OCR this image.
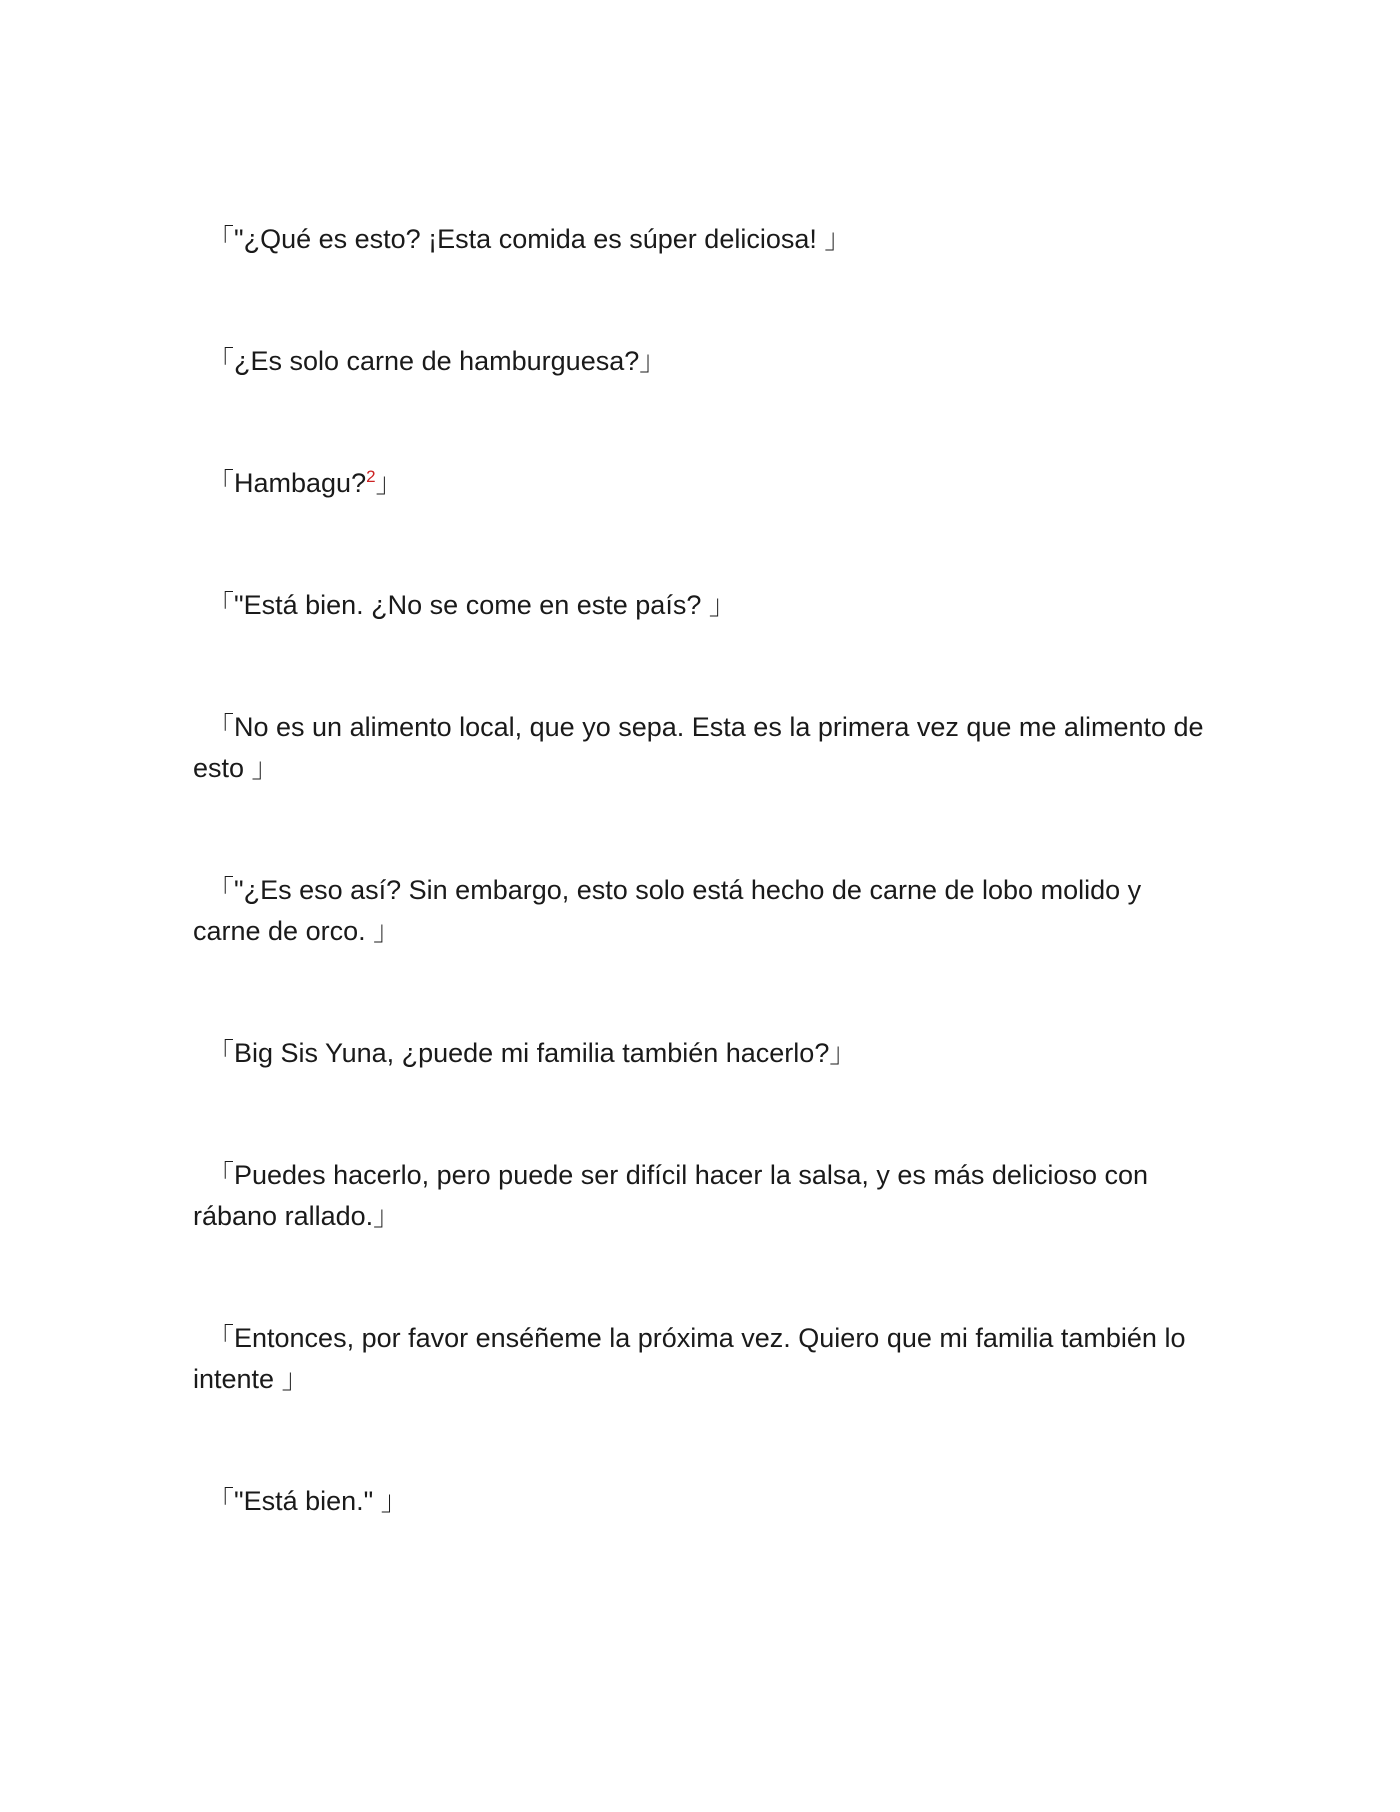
「"¿Qué es esto? ¡Esta comida es súper deliciosa! 」

「¿Es solo carne de hamburguesa?」

「Hambagu?$^2$」

「"Está bien. ¿No se come en este país? 」

「No es un alimento local, que yo sepa. Esta es la primera vez que me alimento de esto 」

「"¿Es eso así? Sin embargo, esto solo está hecho de carne de lobo molido y carne de orco. 」

「Big Sis Yuna, ¿puede mi familia también hacerlo?」

「Puedes hacerlo, pero puede ser difícil hacer la salsa, y es más delicioso con rábano rallado.」

「Entonces, por favor enséñeme la próxima vez. Quiero que mi familia también lo intente 」

「"Está bien." 」
